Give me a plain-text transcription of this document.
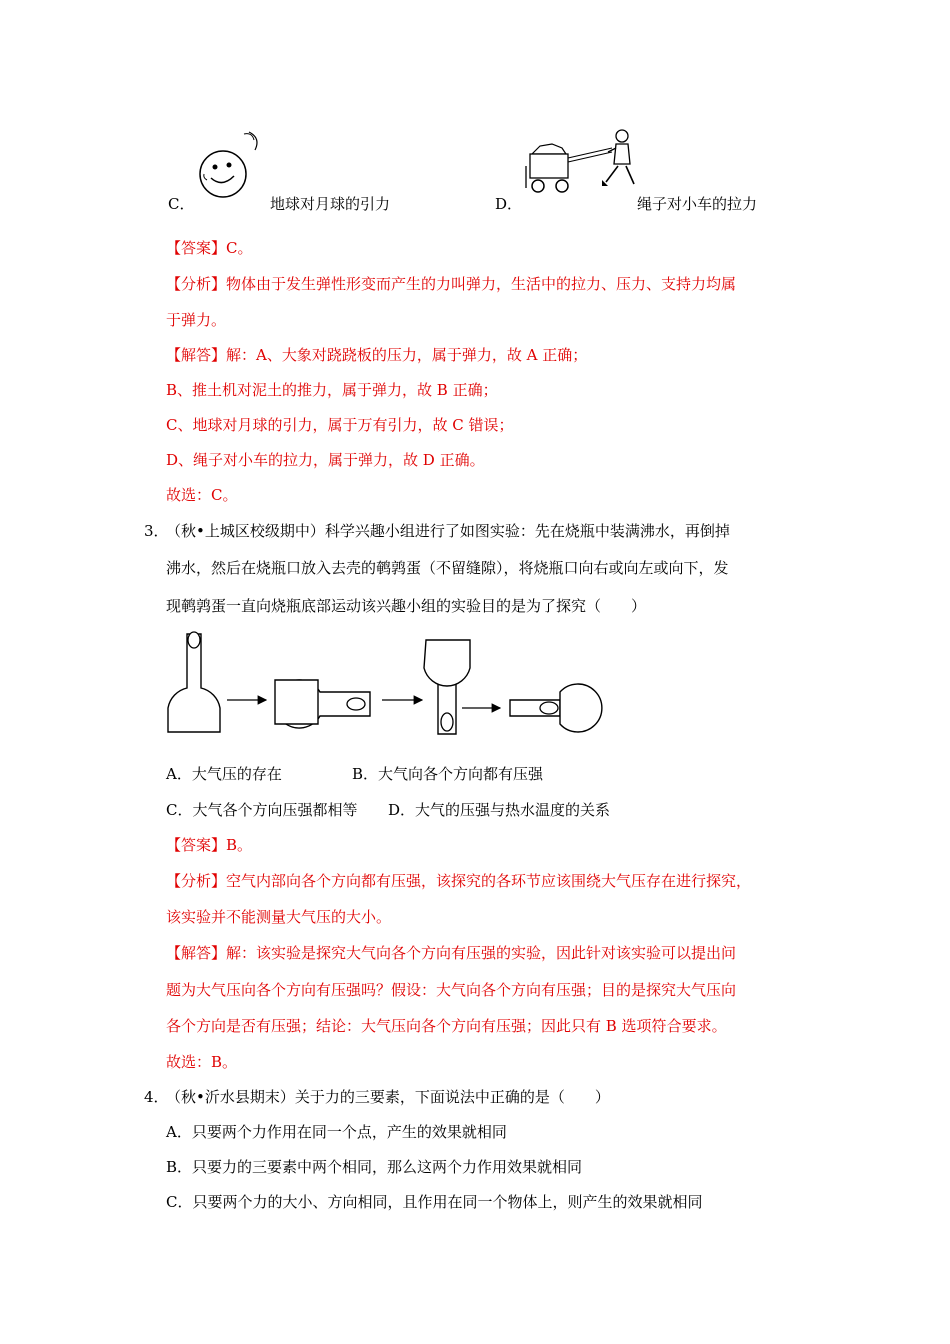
C．	地球对月球的引力	D．	绳子对小车的拉力
【答案】C。
【分析】物体由于发生弹性形变而产生的力叫弹力，生活中的拉力、压力、支持力均属
于弹力。
【解答】解：A、大象对跷跷板的压力，属于弹力，故 A 正确；
B、推土机对泥土的推力，属于弹力，故 B 正确；
C、地球对月球的引力，属于万有引力，故 C 错误；
D、绳子对小车的拉力，属于弹力，故 D 正确。
故选：C。
3．
（秋•上城区校级期中）科学兴趣小组进行了如图实验：先在烧瓶中装满沸水，再倒掉
沸水，然后在烧瓶口放入去壳的鹌鹑蛋（不留缝隙），将烧瓶口向右或向左或向下，发
现鹌鹑蛋一直向烧瓶底部运动该兴趣小组的实验目的是为了探究（　　）
A．大气压的存在	B．大气向各个方向都有压强
C．大气各个方向压强都相等 D．大气的压强与热水温度的关系
【答案】B。
【分析】空气内部向各个方向都有压强，该探究的各环节应该围绕大气压存在进行探究，
该实验并不能测量大气压的大小。
【解答】解：该实验是探究大气向各个方向有压强的实验，因此针对该实验可以提出问
题为大气压向各个方向有压强吗？假设：大气向各个方向有压强；目的是探究大气压向
各个方向是否有压强；结论：大气压向各个方向有压强；因此只有 B 选项符合要求。
故选：B。
4．
（秋•沂水县期末）关于力的三要素，下面说法中正确的是（　　）
A．只要两个力作用在同一个点，产生的效果就相同
B．只要力的三要素中两个相同，那么这两个力作用效果就相同
C．只要两个力的大小、方向相同，且作用在同一个物体上，则产生的效果就相同
